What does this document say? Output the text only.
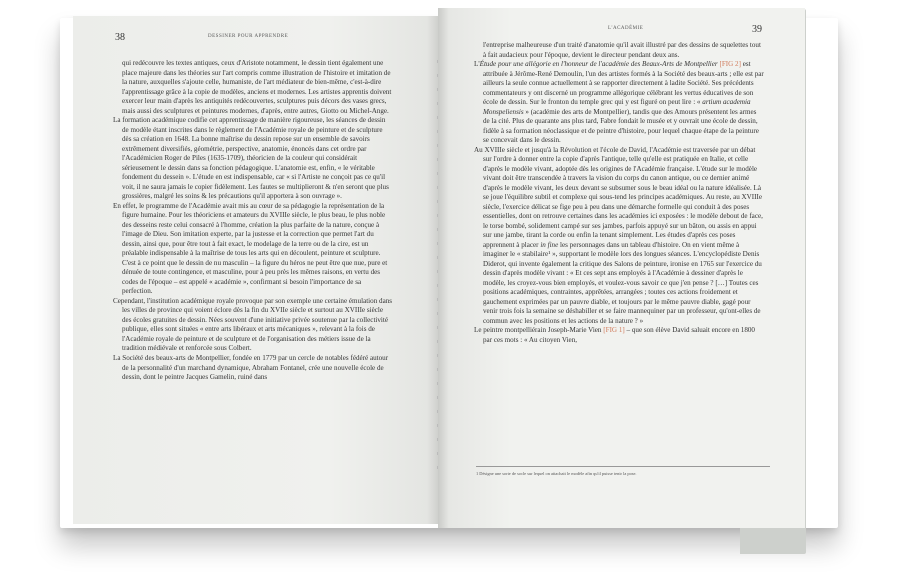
38	DESSINER POUR APPRENDRE

qui redécouvre les textes antiques, ceux d'Aristote notamment, le dessin tient également une place majeure dans les théories sur l'art compris comme illustration de l'histoire et imitation de la nature, auxquelles s'ajoute celle, humaniste, de l'art médiateur de bien-même, c'est-à-dire l'apprentissage grâce à la copie de modèles, anciens et modernes. Les artistes apprentis doivent exercer leur main d'après les antiquités redécouvertes, sculptures puis décors des vases grecs, mais aussi des sculptures et peintures modernes, d'après, entre autres, Giotto ou Michel-Ange.

La formation académique codifie cet apprentissage de manière rigoureuse, les séances de dessin de modèle étant inscrites dans le règlement de l'Académie royale de peinture et de sculpture dès sa création en 1648. La bonne maîtrise du dessin repose sur un ensemble de savoirs extrêmement diversifiés, géométrie, perspective, anatomie, énoncés dans cet ordre par l'Académicien Roger de Piles (1635-1709), théoricien de la couleur qui considérait sérieusement le dessin dans sa fonction pédagogique. L'anatomie est, enfin, « le véritable fondement du dessein ». L'étude en est indispensable, car « si l'Artiste ne conçoit pas ce qu'il voit, il ne saura jamais le copier fidèlement. Les fautes se multiplieront & n'en seront que plus grossières, malgré les soins & les précautions qu'il apportera à son ouvrage ».

En effet, le programme de l'Académie avait mis au cœur de sa pédagogie la représentation de la figure humaine. Pour les théoriciens et amateurs du XVIIIe siècle, le plus beau, le plus noble des desseins reste celui consacré à l'homme, création la plus parfaite de la nature, conçue à l'image de Dieu. Son imitation experte, par la justesse et la correction que permet l'art du dessin, ainsi que, pour être tout à fait exact, le modelage de la terre ou de la cire, est un préalable indispensable à la maîtrise de tous les arts qui en découlent, peinture et sculpture. C'est à ce point que le dessin de nu masculin – la figure du héros ne peut être que nue, pure et dénuée de toute contingence, et masculine, pour à peu près les mêmes raisons, en vertu des codes de l'époque – est appelé « académie », confirmant si besoin l'importance de sa perfection.

Cependant, l'institution académique royale provoque par son exemple une certaine émulation dans les villes de province qui voient éclore dès la fin du XVIIe siècle et surtout au XVIIIe siècle des écoles gratuites de dessin. Nées souvent d'une initiative privée soutenue par la collectivité publique, elles sont situées « entre arts libéraux et arts mécaniques », relevant à la fois de l'Académie royale de peinture et de sculpture et de l'organisation des métiers issue de la tradition médiévale et renforcée sous Colbert.

La Société des beaux-arts de Montpellier, fondée en 1779 par un cercle de notables fédéré autour de la personnalité d'un marchand dynamique, Abraham Fontanel, crée une nouvelle école de dessin, dont le peintre Jacques Gamelin, ruiné dans

L'ACADÉMIE	39

l'entreprise malheureuse d'un traité d'anatomie qu'il avait illustré par des dessins de squelettes tout à fait audacieux pour l'époque, devient le directeur pendant deux ans.

L'Étude pour une allégorie en l'honneur de l'académie des Beaux-Arts de Montpellier [FIG 2] est attribuée à Jérôme-René Demoulin, l'un des artistes formés à la Société des beaux-arts ; elle est par ailleurs la seule connue actuellement à se rapporter directement à ladite Société. Ses précédents commentateurs y ont discerné un programme allégorique célébrant les vertus éducatives de son école de dessin. Sur le fronton du temple grec qui y est figuré on peut lire : « artium academia Monspeliensis » (académie des arts de Montpellier), tandis que des Amours présentent les armes de la cité. Plus de quarante ans plus tard, Fabre fondait le musée et y ouvrait une école de dessin, fidèle à sa formation néoclassique et de peintre d'histoire, pour lequel chaque étape de la peinture se concevait dans le dessin.

Au XVIIIe siècle et jusqu'à la Révolution et l'école de David, l'Académie est traversée par un débat sur l'ordre à donner entre la copie d'après l'antique, telle qu'elle est pratiquée en Italie, et celle d'après le modèle vivant, adoptée dès les origines de l'Académie française. L'étude sur le modèle vivant doit être transcendée à travers la vision du corps du canon antique, ou ce dernier animé d'après le modèle vivant, les deux devant se subsumer sous le beau idéal ou la nature idéalisée. Là se joue l'équilibre subtil et complexe qui sous-tend les principes académiques. Au reste, au XVIIIe siècle, l'exercice délicat se fige peu à peu dans une démarche formelle qui conduit à des poses essentielles, dont on retrouve certaines dans les académies ici exposées : le modèle debout de face, le torse bombé, solidement campé sur ses jambes, parfois appuyé sur un bâton, ou assis en appui sur une jambe, tirant la corde ou enfin la tenant simplement. Les études d'après ces poses apprennent à placer in fine les personnages dans un tableau d'histoire. On en vient même à imaginer le « stabilaire¹ », supportant le modèle lors des longues séances. L'encyclopédiste Denis Diderot, qui invente également la critique des Salons de peinture, ironise en 1765 sur l'exercice du dessin d'après modèle vivant : « Et ces sept ans employés à l'Académie à dessiner d'après le modèle, les croyez-vous bien employés, et voulez-vous savoir ce que j'en pense ? […] Toutes ces positions académiques, contraintes, apprêtées, arrangées ; toutes ces actions froidement et gauchement exprimées par un pauvre diable, et toujours par le même pauvre diable, gagé pour venir trois fois la semaine se déshabiller et se faire mannequiner par un professeur, qu'ont-elles de commun avec les positions et les actions de la nature ? »

Le peintre montpelliérain Joseph-Marie Vien [FIG 1] – que son élève David saluait encore en 1800 par ces mots : « Au citoyen Vien,

1 Désigne une sorte de socle sur lequel on attachait le modèle afin qu'il puisse tenir la pose.
